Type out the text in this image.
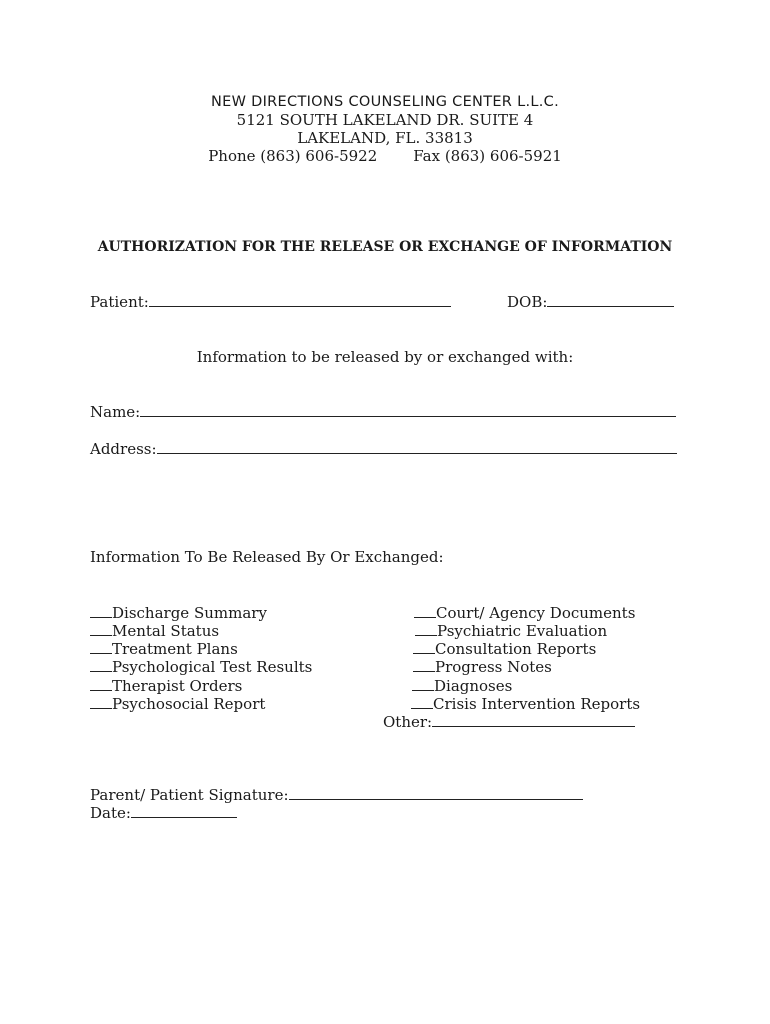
NEW DIRECTIONS COUNSELING CENTER L.L.C.
5121 SOUTH LAKELAND DR. SUITE 4
LAKELAND, FL. 33813
Phone (863) 606-5922 Fax (863) 606-5921
AUTHORIZATION FOR THE RELEASE OR EXCHANGE OF INFORMATION
Patient:	DOB:
Information to be released by or exchanged with:
Name:
Address:
Information To Be Released By Or Exchanged:
Discharge Summary
Mental Status
Treatment Plans
Psychological Test Results
Therapist Orders
Psychosocial Report
Court/ Agency Documents
Psychiatric Evaluation
Consultation Reports
Progress Notes
Diagnoses
Crisis Intervention Reports
Other:
Parent/ Patient Signature:
Date:
